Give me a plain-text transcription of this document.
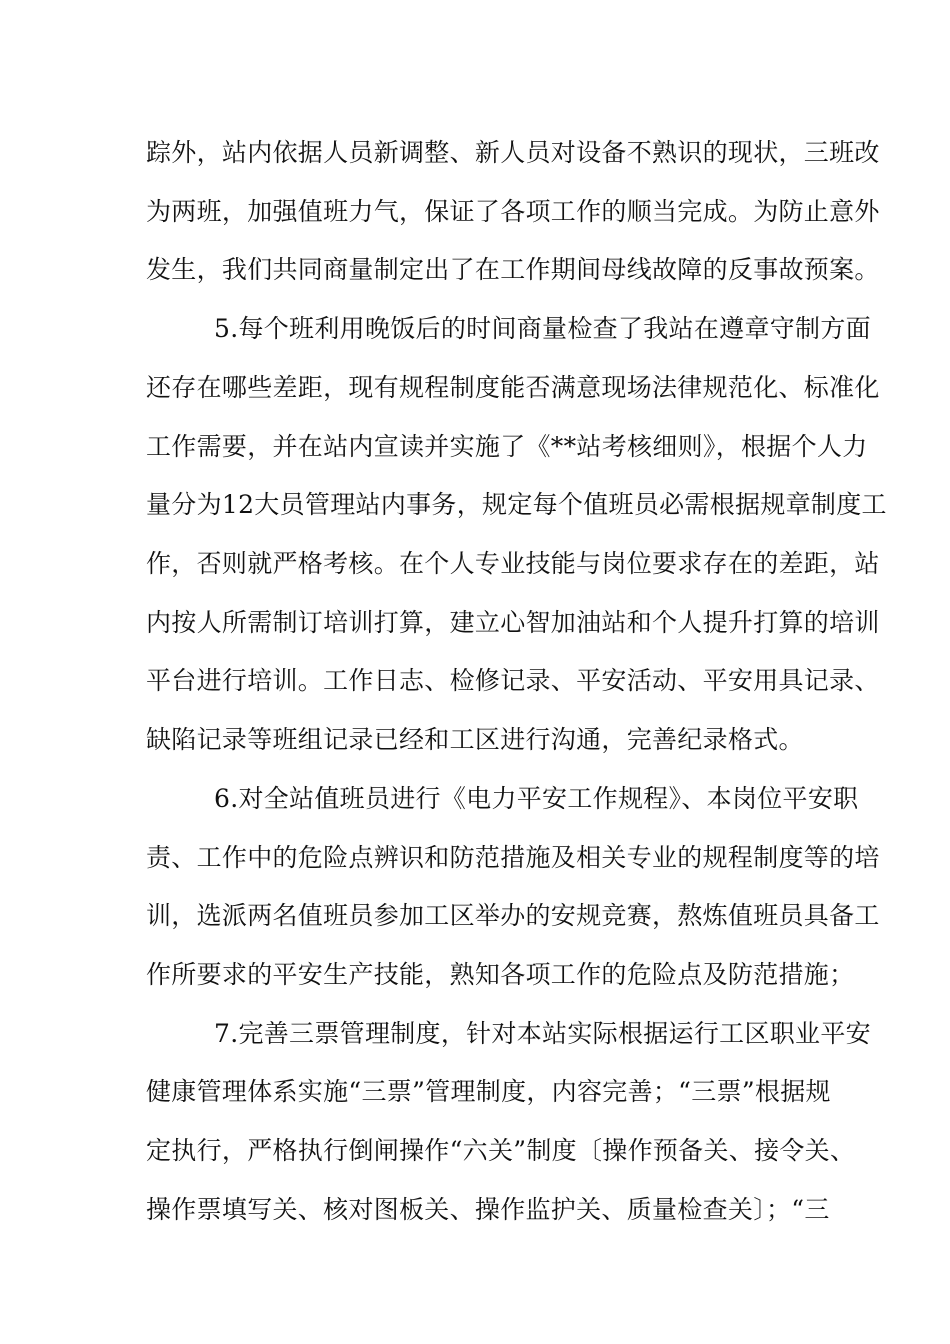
踪外，站内依据人员新调整、新人员对设备不熟识的现状，三班改
为两班，加强值班力气，保证了各项工作的顺当完成。为防止意外
发生，我们共同商量制定出了在工作期间母线故障的反事故预案。
5.每个班利用晚饭后的时间商量检查了我站在遵章守制方面
还存在哪些差距，现有规程制度能否满意现场法律规范化、标准化
工作需要，并在站内宣读并实施了《**站考核细则》，根据个人力
量分为12大员管理站内事务，规定每个值班员必需根据规章制度工
作，否则就严格考核。在个人专业技能与岗位要求存在的差距，站
内按人所需制订培训打算，建立心智加油站和个人提升打算的培训
平台进行培训。工作日志、检修记录、平安活动、平安用具记录、
缺陷记录等班组记录已经和工区进行沟通，完善纪录格式。
6.对全站值班员进行《电力平安工作规程》、本岗位平安职
责、工作中的危险点辨识和防范措施及相关专业的规程制度等的培
训，选派两名值班员参加工区举办的安规竞赛，熬炼值班员具备工
作所要求的平安生产技能，熟知各项工作的危险点及防范措施；
7.完善三票管理制度，针对本站实际根据运行工区职业平安
健康管理体系实施“三票”管理制度，内容完善；“三票”根据规
定执行，严格执行倒闸操作“六关”制度〔操作预备关、接令关、
操作票填写关、核对图板关、操作监护关、质量检查关〕；“三
